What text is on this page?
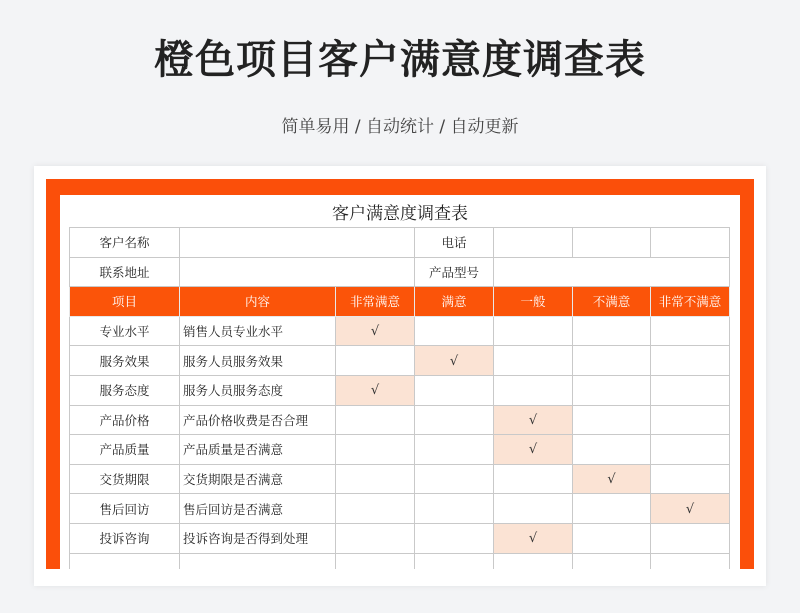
橙色项目客户满意度调查表
简单易用 / 自动统计 / 自动更新
客户满意度调查表
客户名称			电话			
联系地址			产品型号			
项目	内容	非常满意	满意	一般	不满意	非常不满意
专业水平	销售人员专业水平	√				
服务效果	服务人员服务效果		√			
服务态度	服务人员服务态度	√				
产品价格	产品价格收费是否合理			√		
产品质量	产品质量是否满意			√		
交货期限	交货期限是否满意				√	
售后回访	售后回访是否满意					√
投诉咨询	投诉咨询是否得到处理			√		
